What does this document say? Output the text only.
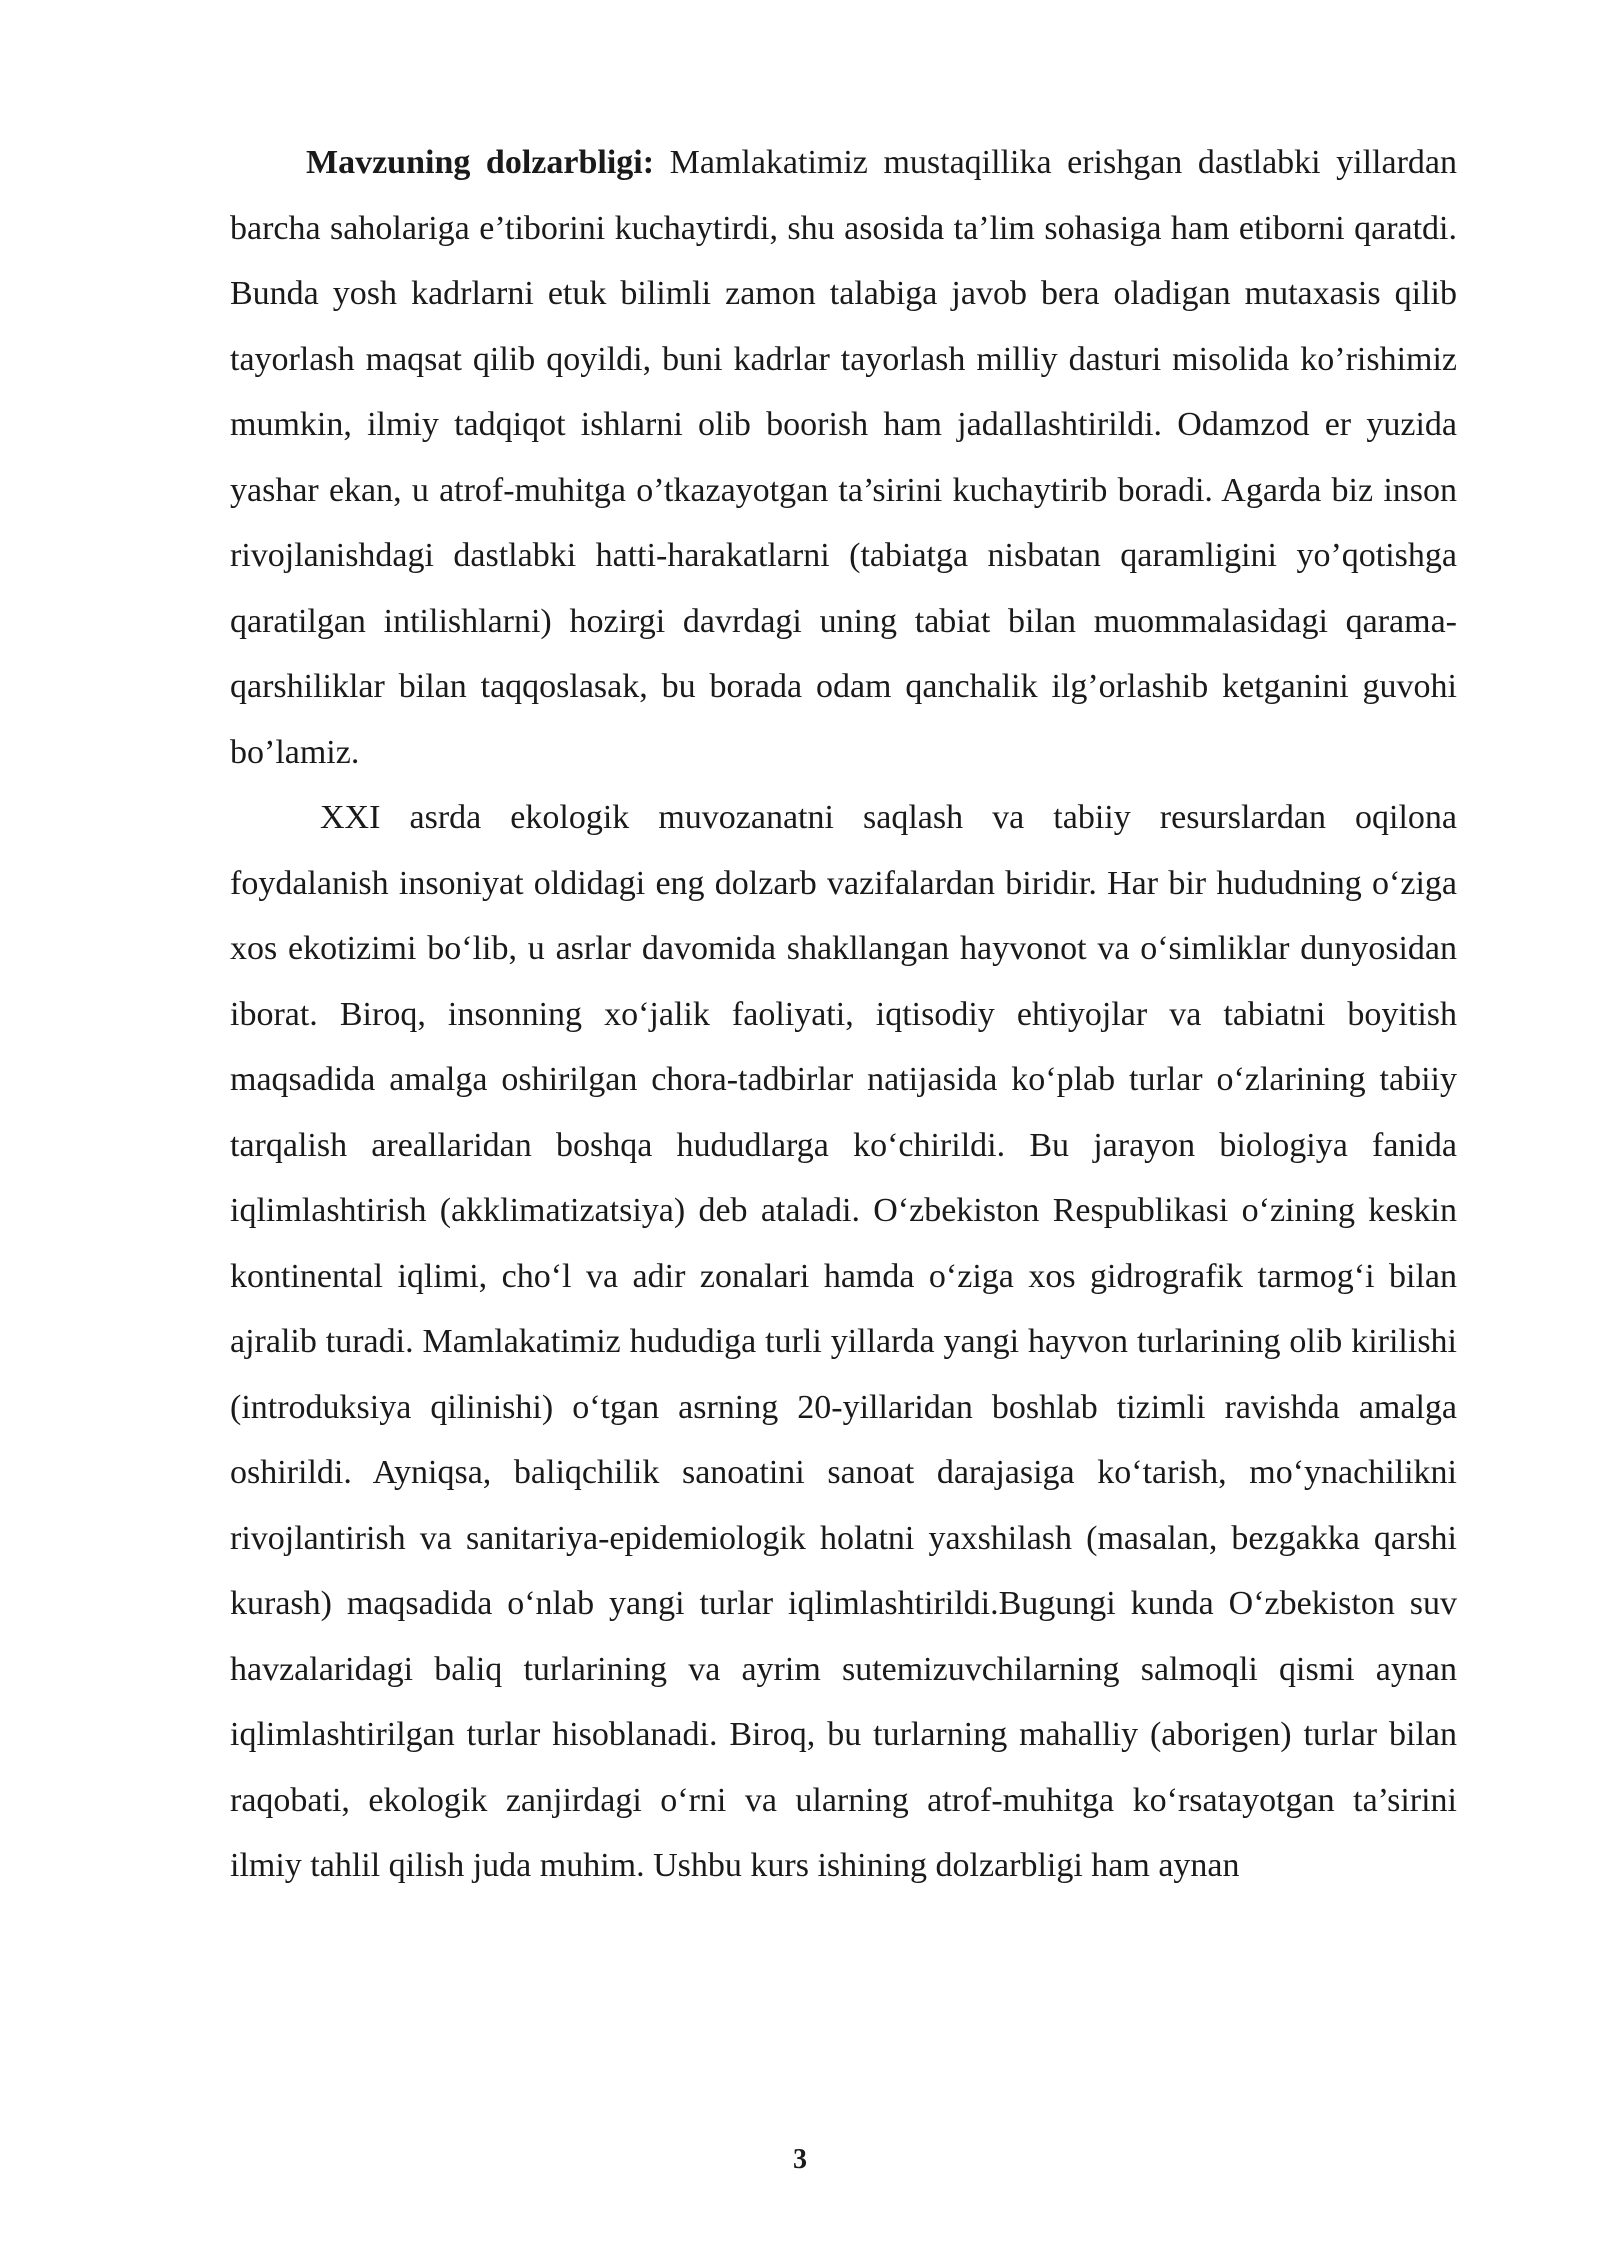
Mavzuning dolzarbligi: Mamlakatimiz mustaqillika erishgan dastlabki yillardan barcha saholariga e’tiborini kuchaytirdi, shu asosida ta’lim sohasiga ham etiborni qaratdi. Bunda yosh kadrlarni etuk bilimli zamon talabiga javob bera oladigan mutaxasis qilib tayorlash maqsat qilib qoyildi, buni kadrlar tayorlash milliy dasturi misolida ko’rishimiz mumkin, ilmiy tadqiqot ishlarni olib boorish ham jadallashtirildi. Odamzod er yuzida yashar ekan, u atrof-muhitga o’tkazayotgan ta’sirini kuchaytirib boradi. Agarda biz inson rivojlanishdagi dastlabki hatti-harakatlarni (tabiatga nisbatan qaramligini yo’qotishga qaratilgan intilishlarni) hozirgi davrdagi uning tabiat bilan muommalasidagi qarama-qarshiliklar bilan taqqoslasak, bu borada odam qanchalik ilg’orlashib ketganini guvohi bo’lamiz.

XXI asrda ekologik muvozanatni saqlash va tabiiy resurslardan oqilona foydalanish insoniyat oldidagi eng dolzarb vazifalardan biridir. Har bir hududning o‘ziga xos ekotizimi bo‘lib, u asrlar davomida shakllangan hayvonot va o‘simliklar dunyosidan iborat. Biroq, insonning xo‘jalik faoliyati, iqtisodiy ehtiyojlar va tabiatni boyitish maqsadida amalga oshirilgan chora-tadbirlar natijasida ko‘plab turlar o‘zlarining tabiiy tarqalish areallaridan boshqa hududlarga ko‘chirildi. Bu jarayon biologiya fanida iqlimlashtirish (akklimatizatsiya) deb ataladi. O‘zbekiston Respublikasi o‘zining keskin kontinental iqlimi, cho‘l va adir zonalari hamda o‘ziga xos gidrografik tarmog‘i bilan ajralib turadi. Mamlakatimiz hududiga turli yillarda yangi hayvon turlarining olib kirilishi (introduksiya qilinishi) o‘tgan asrning 20-yillaridan boshlab tizimli ravishda amalga oshirildi. Ayniqsa, baliqchilik sanoatini sanoat darajasiga ko‘tarish, mo‘ynachilikni rivojlantirish va sanitariya-epidemiologik holatni yaxshilash (masalan, bezgakka qarshi kurash) maqsadida o‘nlab yangi turlar iqlimlashtirildi.Bugungi kunda O‘zbekiston suv havzalaridagi baliq turlarining va ayrim sutemizuvchilarning salmoqli qismi aynan iqlimlashtirilgan turlar hisoblanadi. Biroq, bu turlarning mahalliy (aborigen) turlar bilan raqobati, ekologik zanjirdagi o‘rni va ularning atrof-muhitga ko‘rsatayotgan ta’sirini ilmiy tahlil qilish juda muhim. Ushbu kurs ishining dolzarbligi ham aynan

3
